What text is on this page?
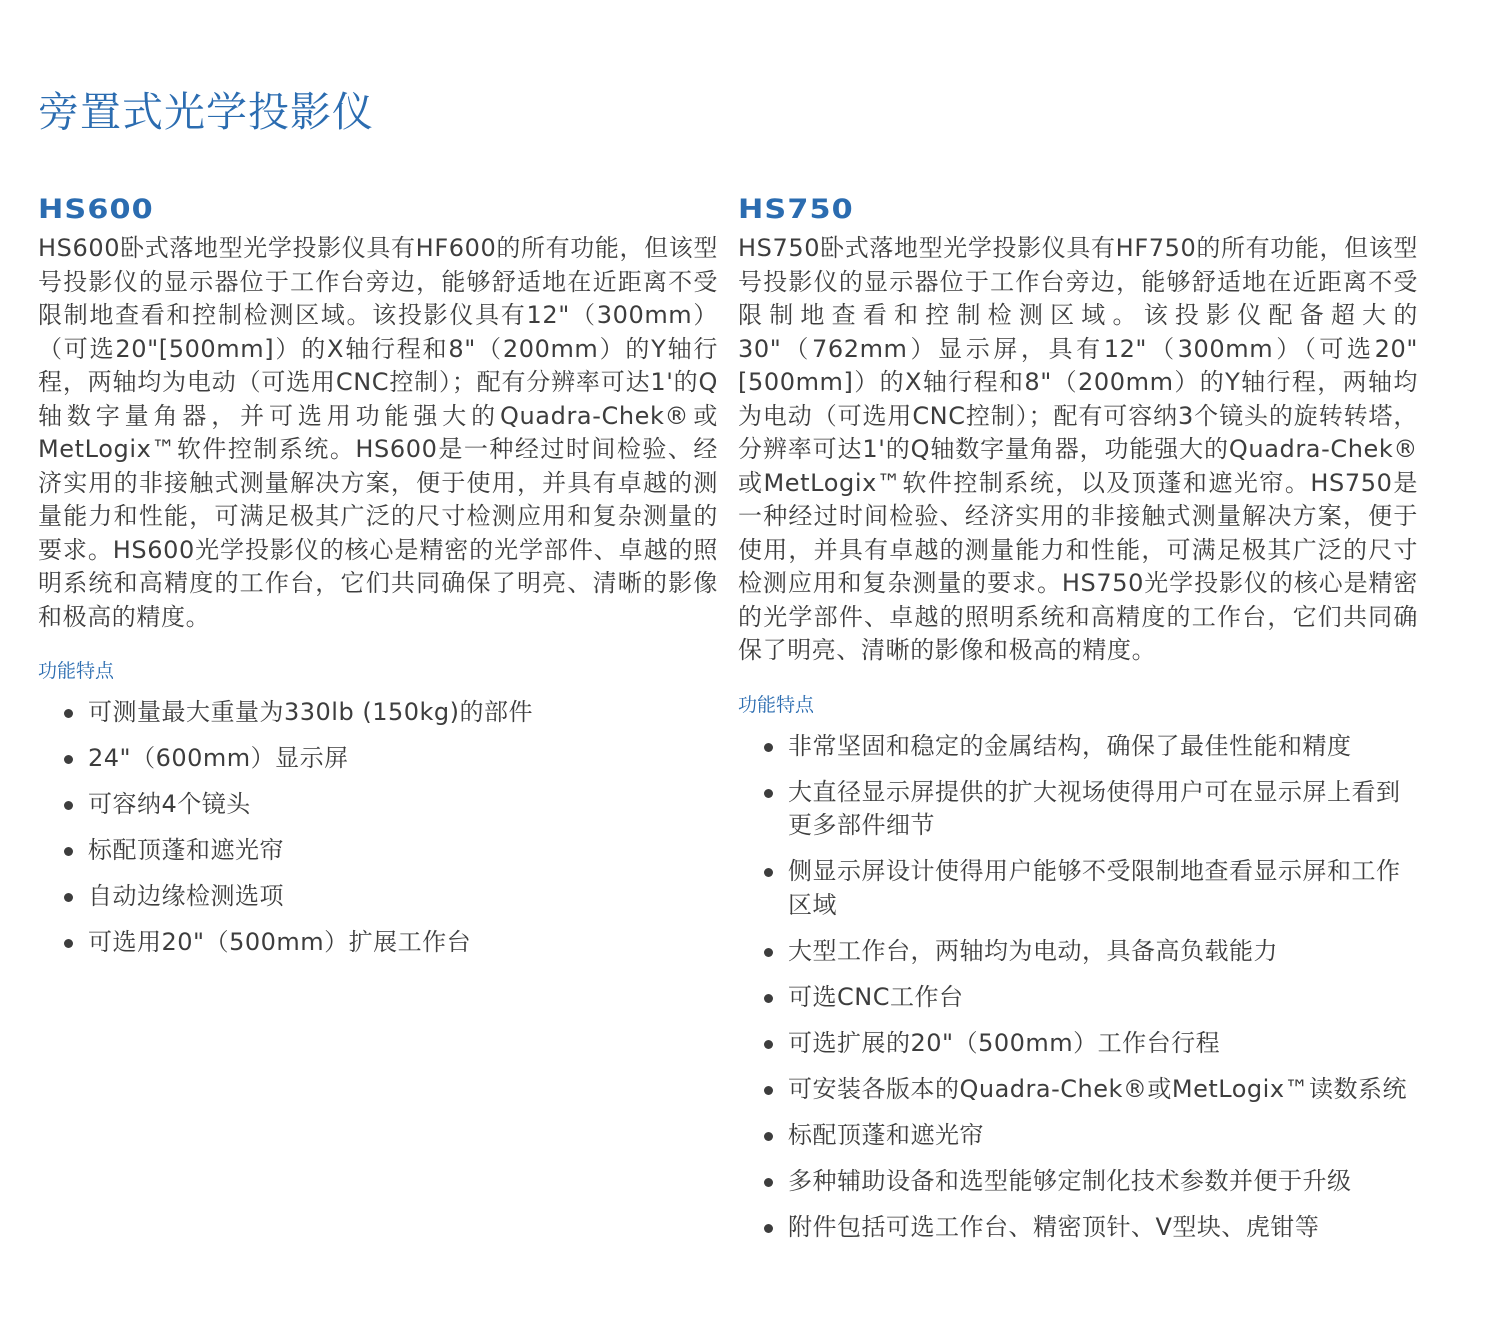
旁置式光学投影仪
HS600

HS600卧式落地型光学投影仪具有HF600的所有功能，但该型号投影仪的显示器位于工作台旁边，能够舒适地在近距离不受限制地查看和控制检测区域。该投影仪具有12"（300mm）（可选20"[500mm]）的X轴行程和8"（200mm）的Y轴行程，两轴均为电动（可选用CNC控制）；配有分辨率可达1'的Q轴数字量角器，并可选用功能强大的Quadra-Chek®或MetLogix™软件控制系统。HS600是一种经过时间检验、经济实用的非接触式测量解决方案，便于使用，并具有卓越的测量能力和性能，可满足极其广泛的尺寸检测应用和复杂测量的要求。HS600光学投影仪的核心是精密的光学部件、卓越的照明系统和高精度的工作台，它们共同确保了明亮、清晰的影像和极高的精度。

功能特点
可测量最大重量为330lb (150kg)的部件
24"（600mm）显示屏
可容纳4个镜头
标配顶蓬和遮光帘
自动边缘检测选项
可选用20"（500mm）扩展工作台
HS750

HS750卧式落地型光学投影仪具有HF750的所有功能，但该型号投影仪的显示器位于工作台旁边，能够舒适地在近距离不受限制地查看和控制检测区域。该投影仪配备超大的30"（762mm）显示屏，具有12"（300mm）（可选20"[500mm]）的X轴行程和8"（200mm）的Y轴行程，两轴均为电动（可选用CNC控制）；配有可容纳3个镜头的旋转转塔，分辨率可达1'的Q轴数字量角器，功能强大的Quadra-Chek®或MetLogix™软件控制系统，以及顶蓬和遮光帘。HS750是一种经过时间检验、经济实用的非接触式测量解决方案，便于使用，并具有卓越的测量能力和性能，可满足极其广泛的尺寸检测应用和复杂测量的要求。HS750光学投影仪的核心是精密的光学部件、卓越的照明系统和高精度的工作台，它们共同确保了明亮、清晰的影像和极高的精度。

功能特点
非常坚固和稳定的金属结构，确保了最佳性能和精度
大直径显示屏提供的扩大视场使得用户可在显示屏上看到更多部件细节
侧显示屏设计使得用户能够不受限制地查看显示屏和工作区域
大型工作台，两轴均为电动，具备高负载能力
可选CNC工作台
可选扩展的20"（500mm）工作台行程
可安装各版本的Quadra-Chek®或MetLogix™读数系统
标配顶蓬和遮光帘
多种辅助设备和选型能够定制化技术参数并便于升级
附件包括可选工作台、精密顶针、V型块、虎钳等
